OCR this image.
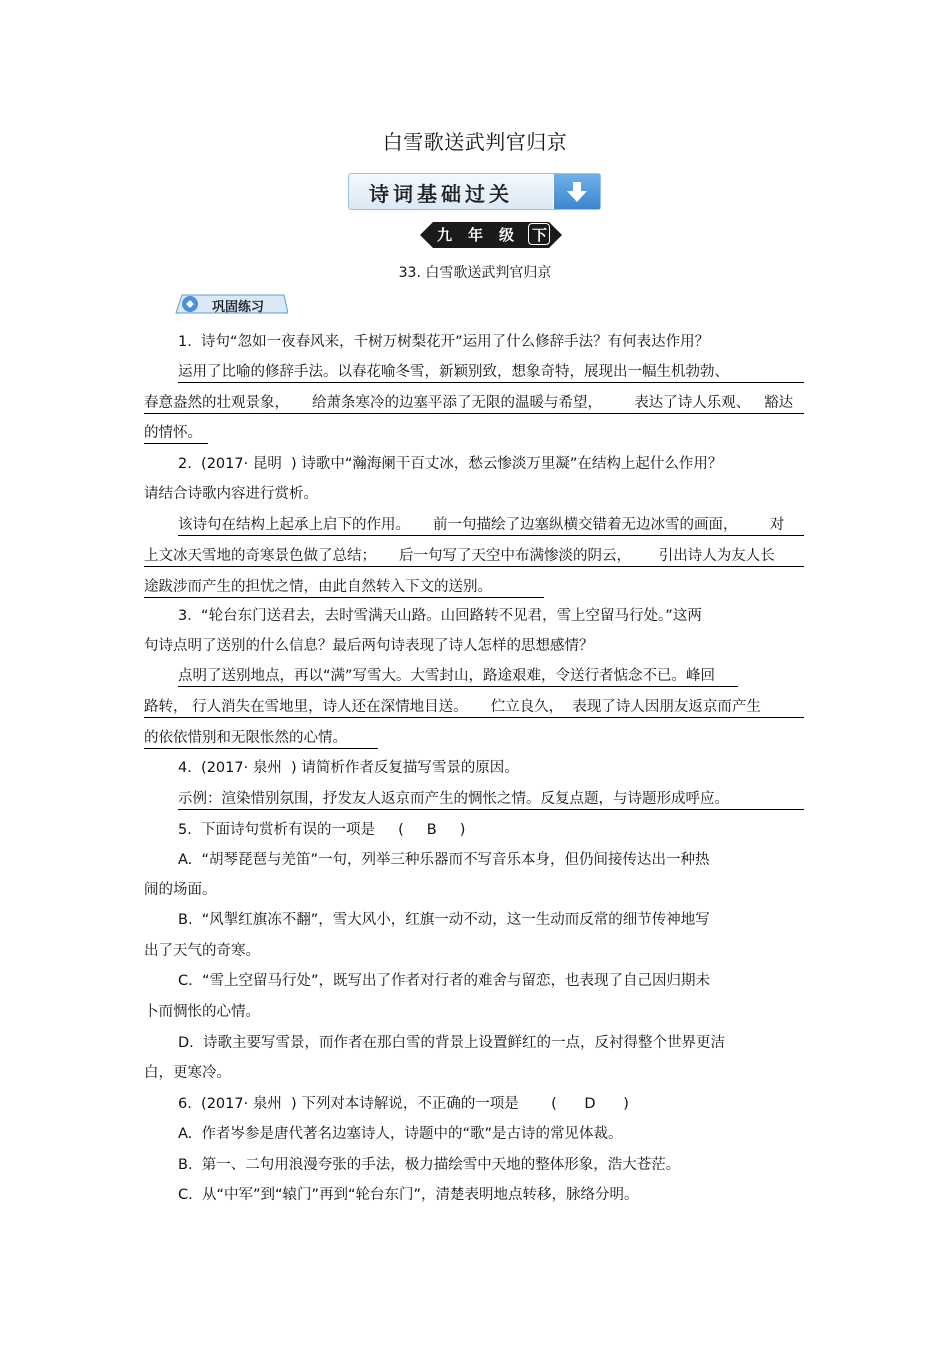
白雪歌送武判官归京
诗词基础过关
九 年 级 下
33. 白雪歌送武判官归京
巩固练习
1.  诗句“忽如一夜春风来，千树万树梨花开”运用了什么修辞手法？有何表达作用？
运用了比喻的修辞手法。以春花喻冬雪，新颖别致，想象奇特，展现出一幅生机勃勃、
春意盎然的壮观景象，     给萧条寒冷的边塞平添了无限的温暖与希望，       表达了诗人乐观、   豁达
的情怀。
2.  (2017· 昆明  ) 诗歌中“瀚海阑干百丈冰，愁云惨淡万里凝”在结构上起什么作用？
请结合诗歌内容进行赏析。
该诗句在结构上起承上启下的作用。     前一句描绘了边塞纵横交错着无边冰雪的画面，       对
上文冰天雪地的奇寒景色做了总结；     后一句写了天空中布满惨淡的阴云，      引出诗人为友人长
途跋涉而产生的担忧之情，由此自然转入下文的送别。
3.  “轮台东门送君去，去时雪满天山路。山回路转不见君，雪上空留马行处。”这两
句诗点明了送别的什么信息？最后两句诗表现了诗人怎样的思想感情？
点明了送别地点，再以“满”写雪大。大雪封山，路途艰难，令送行者惦念不已。峰回
路转， 行人消失在雪地里，诗人还在深情地目送。     伫立良久，  表现了诗人因朋友返京而产生
的依依惜别和无限怅然的心情。
4.  (2017· 泉州  ) 请简析作者反复描写雪景的原因。
示例：渲染惜别氛围，抒发友人返京而产生的惆怅之情。反复点题，与诗题形成呼应。
5.  下面诗句赏析有误的一项是     (     B     )
A.  “胡琴琵琶与羌笛”一句，列举三种乐器而不写音乐本身，但仍间接传达出一种热
闹的场面。
B.  “风掣红旗冻不翻”，雪大风小，红旗一动不动，这一生动而反常的细节传神地写
出了天气的奇寒。
C.  “雪上空留马行处”，既写出了作者对行者的难舍与留恋，也表现了自己因归期未
卜而惆怅的心情。
D.  诗歌主要写雪景，而作者在那白雪的背景上设置鲜红的一点，反衬得整个世界更洁
白，更寒冷。
6.  (2017· 泉州  ) 下列对本诗解说，不正确的一项是       (      D      )
A.  作者岑参是唐代著名边塞诗人，诗题中的“歌”是古诗的常见体裁。
B.  第一、二句用浪漫夸张的手法，极力描绘雪中天地的整体形象，浩大苍茫。
C.  从“中军”到“辕门”再到“轮台东门”，清楚表明地点转移，脉络分明。
